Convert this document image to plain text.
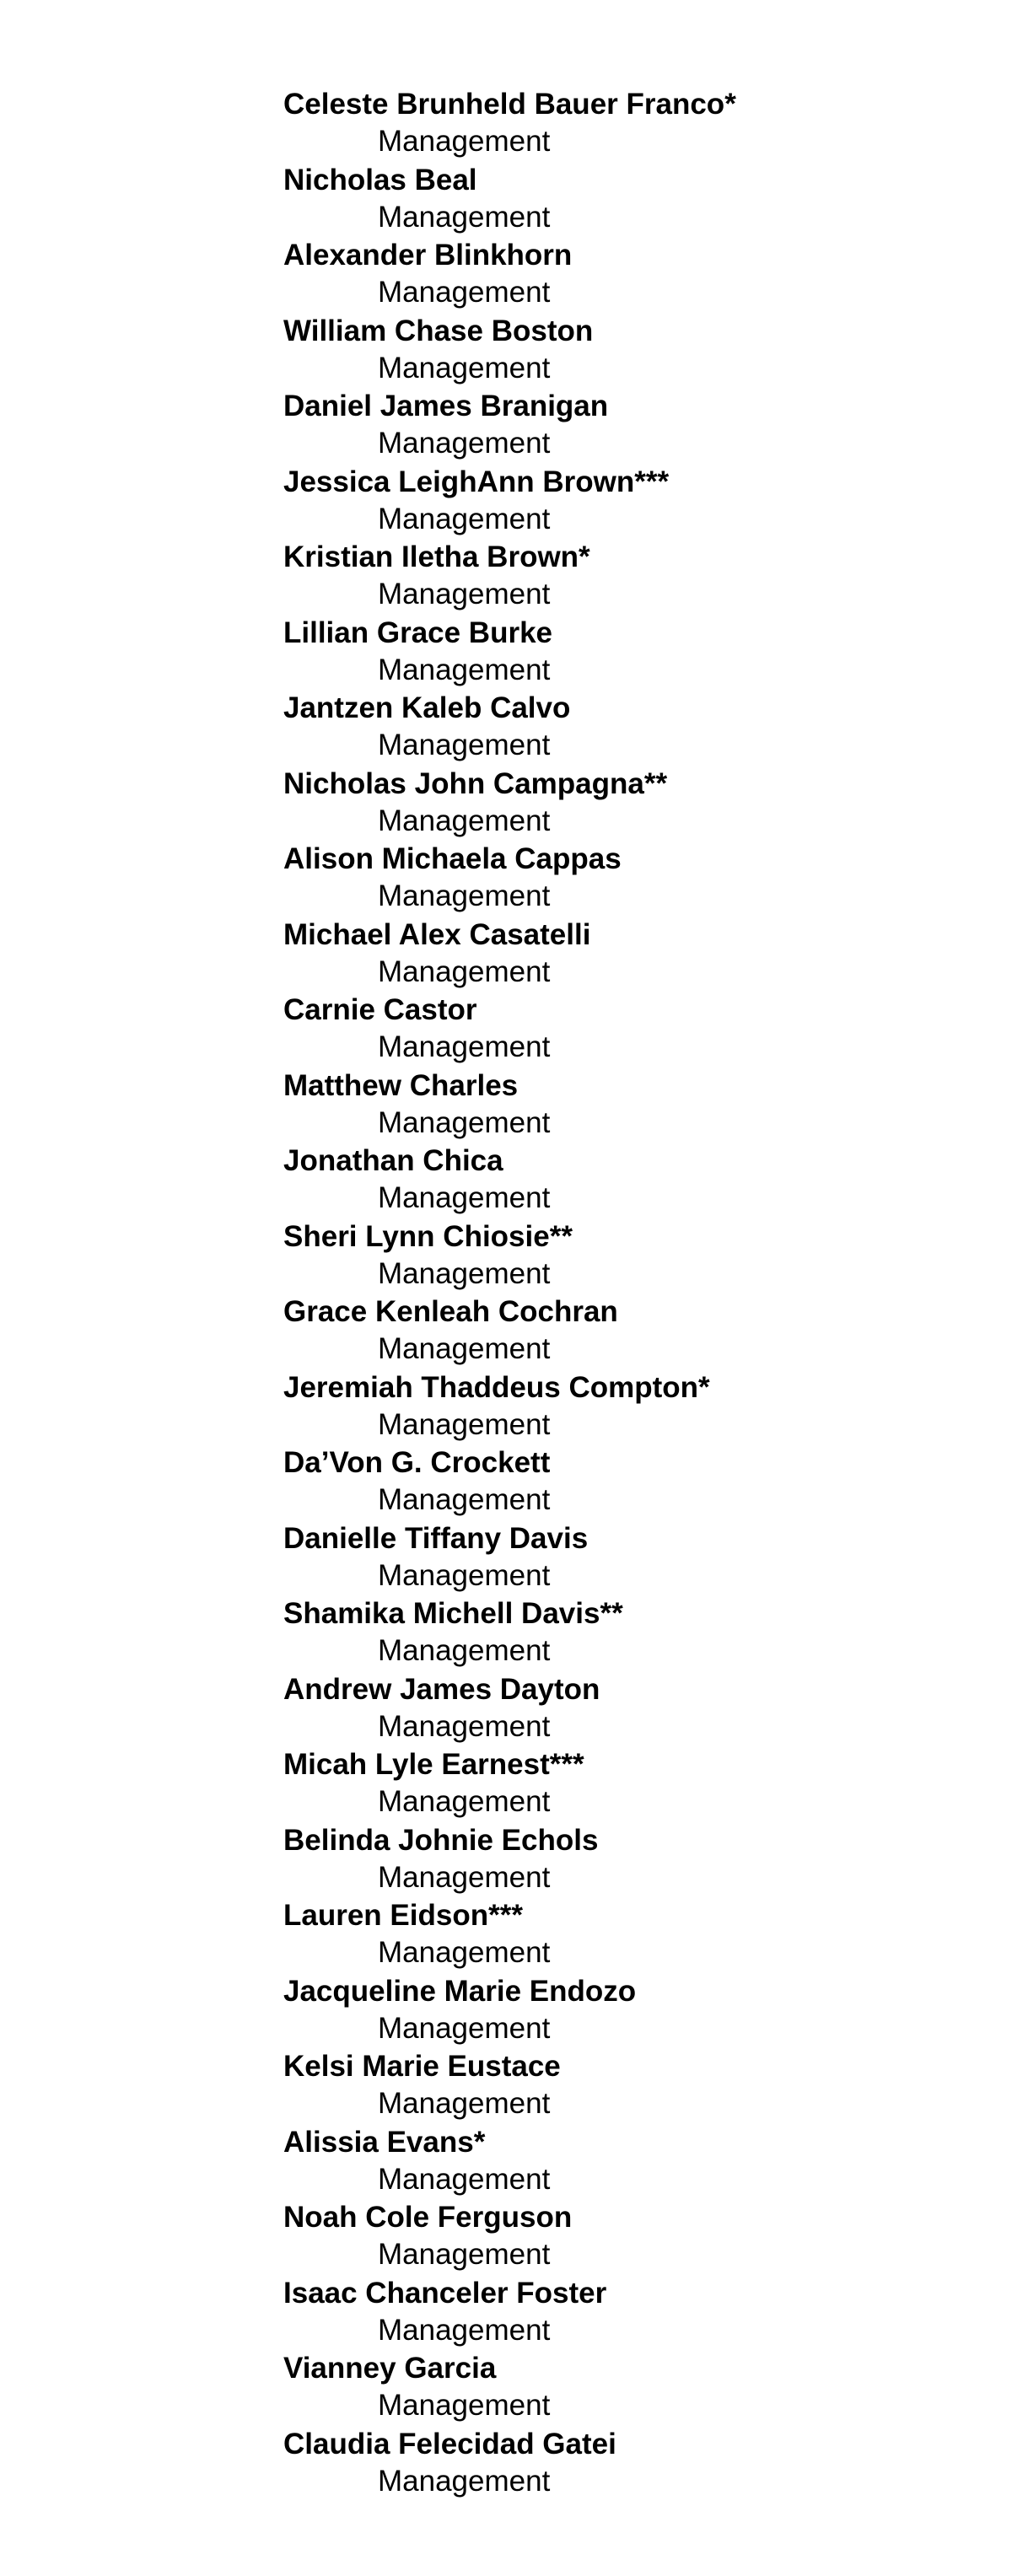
Celeste Brunheld Bauer Franco*
Management
Nicholas Beal
Management
Alexander Blinkhorn
Management
William Chase Boston
Management
Daniel James Branigan
Management
Jessica LeighAnn Brown***
Management
Kristian Iletha Brown*
Management
Lillian Grace Burke
Management
Jantzen Kaleb Calvo
Management
Nicholas John Campagna**
Management
Alison Michaela Cappas
Management
Michael Alex Casatelli
Management
Carnie Castor
Management
Matthew Charles
Management
Jonathan Chica
Management
Sheri Lynn Chiosie**
Management
Grace Kenleah Cochran
Management
Jeremiah Thaddeus Compton*
Management
Da’Von G. Crockett
Management
Danielle Tiffany Davis
Management
Shamika Michell Davis**
Management
Andrew James Dayton
Management
Micah Lyle Earnest***
Management
Belinda Johnie Echols
Management
Lauren Eidson***
Management
Jacqueline Marie Endozo
Management
Kelsi Marie Eustace
Management
Alissia Evans*
Management
Noah Cole Ferguson
Management
Isaac Chanceler Foster
Management
Vianney Garcia
Management
Claudia Felecidad Gatei
Management
